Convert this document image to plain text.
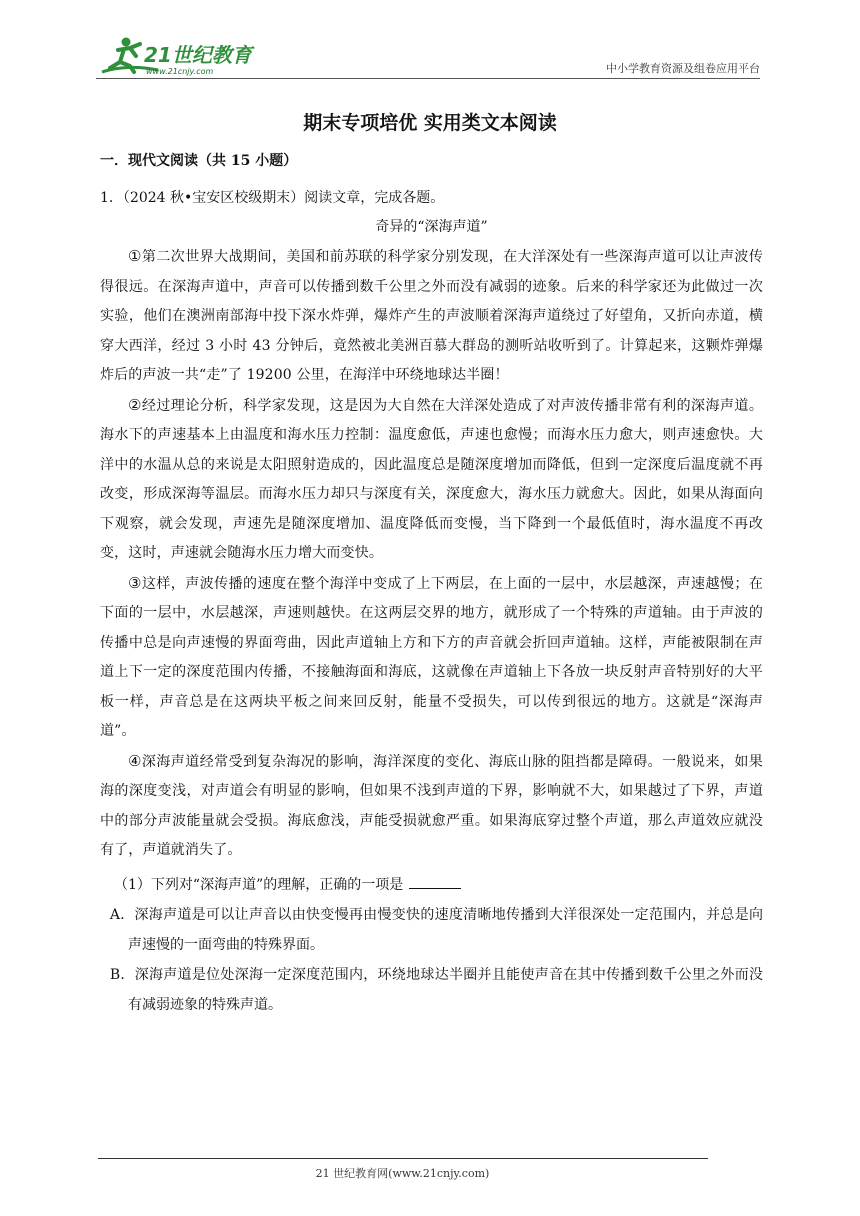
21世纪教育
www.21cnjy.com	中小学教育资源及组卷应用平台
期末专项培优 实用类文本阅读
一．现代文阅读（共 15 小题）
1．（2024 秋•宝安区校级期末）阅读文章，完成各题。

奇异的“深海声道”

①第二次世界大战期间，美国和前苏联的科学家分别发现，在大洋深处有一些深海声道可以让声波传得很远。在深海声道中，声音可以传播到数千公里之外而没有减弱的迹象。后来的科学家还为此做过一次实验，他们在澳洲南部海中投下深水炸弹，爆炸产生的声波顺着深海声道绕过了好望角，又折向赤道，横穿大西洋，经过 3 小时 43 分钟后，竟然被北美洲百慕大群岛的测听站收听到了。计算起来，这颗炸弹爆炸后的声波一共“走”了 19200 公里，在海洋中环绕地球达半圈！

②经过理论分析，科学家发现，这是因为大自然在大洋深处造成了对声波传播非常有利的深海声道。海水下的声速基本上由温度和海水压力控制：温度愈低，声速也愈慢；而海水压力愈大，则声速愈快。大洋中的水温从总的来说是太阳照射造成的，因此温度总是随深度增加而降低，但到一定深度后温度就不再改变，形成深海等温层。而海水压力却只与深度有关，深度愈大，海水压力就愈大。因此，如果从海面向下观察，就会发现，声速先是随深度增加、温度降低而变慢，当下降到一个最低值时，海水温度不再改变，这时，声速就会随海水压力增大而变快。

③这样，声波传播的速度在整个海洋中变成了上下两层，在上面的一层中，水层越深，声速越慢；在下面的一层中，水层越深，声速则越快。在这两层交界的地方，就形成了一个特殊的声道轴。由于声波的传播中总是向声速慢的界面弯曲，因此声道轴上方和下方的声音就会折回声道轴。这样，声能被限制在声道上下一定的深度范围内传播，不接触海面和海底，这就像在声道轴上下各放一块反射声音特别好的大平板一样，声音总是在这两块平板之间来回反射，能量不受损失，可以传到很远的地方。这就是“深海声道”。

④深海声道经常受到复杂海况的影响，海洋深度的变化、海底山脉的阻挡都是障碍。一般说来，如果海的深度变浅，对声道会有明显的影响，但如果不浅到声道的下界，影响就不大，如果越过了下界，声道中的部分声波能量就会受损。海底愈浅，声能受损就愈严重。如果海底穿过整个声道，那么声道效应就没有了，声道就消失了。

（1）下列对“深海声道”的理解，正确的一项是

A．深海声道是可以让声音以由快变慢再由慢变快的速度清晰地传播到大洋很深处一定范围内，并总是向声速慢的一面弯曲的特殊界面。

B．深海声道是位处深海一定深度范围内，环绕地球达半圈并且能使声音在其中传播到数千公里之外而没有减弱迹象的特殊声道。

21 世纪教育网(www.21cnjy.com)
